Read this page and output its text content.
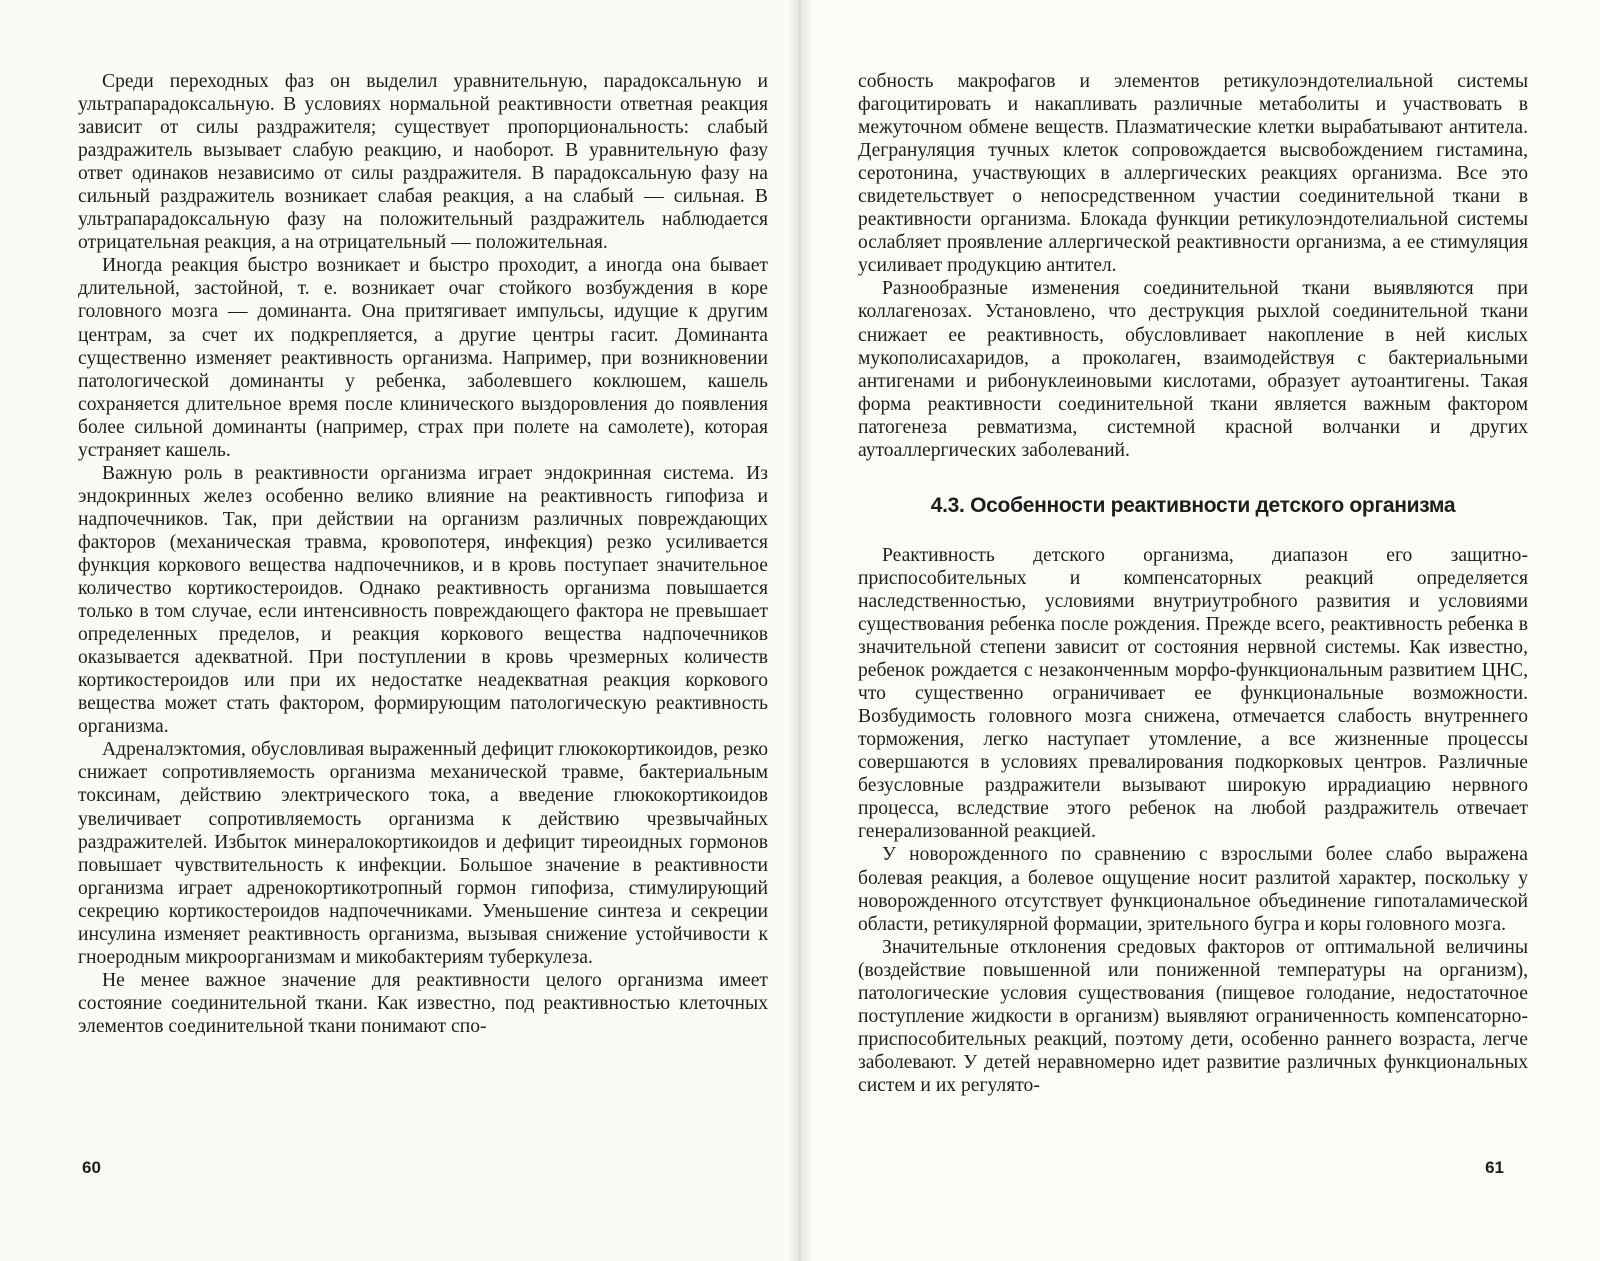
Среди переходных фаз он выделил уравнительную, парадоксальную и ультрапарадоксальную. В условиях нормальной реактивности ответная реакция зависит от силы раздражителя; существует пропорциональность: слабый раздражитель вызывает слабую реакцию, и наоборот. В уравнительную фазу ответ одинаков независимо от силы раздражителя. В парадоксальную фазу на сильный раздражитель возникает слабая реакция, а на слабый — сильная. В ультрапарадоксальную фазу на положительный раздражитель наблюдается отрицательная реакция, а на отрицательный — положительная.

Иногда реакция быстро возникает и быстро проходит, а иногда она бывает длительной, застойной, т. е. возникает очаг стойкого возбуждения в коре головного мозга — доминанта. Она притягивает импульсы, идущие к другим центрам, за счет их подкрепляется, а другие центры гасит. Доминанта существенно изменяет реактивность организма. Например, при возникновении патологической доминанты у ребенка, заболевшего коклюшем, кашель сохраняется длительное время после клинического выздоровления до появления более сильной доминанты (например, страх при полете на самолете), которая устраняет кашель.

Важную роль в реактивности организма играет эндокринная система. Из эндокринных желез особенно велико влияние на реактивность гипофиза и надпочечников. Так, при действии на организм различных повреждающих факторов (механическая травма, кровопотеря, инфекция) резко усиливается функция коркового вещества надпочечников, и в кровь поступает значительное количество кортикостероидов. Однако реактивность организма повышается только в том случае, если интенсивность повреждающего фактора не превышает определенных пределов, и реакция коркового вещества надпочечников оказывается адекватной. При поступлении в кровь чрезмерных количеств кортикостероидов или при их недостатке неадекватная реакция коркового вещества может стать фактором, формирующим патологическую реактивность организма.

Адреналэктомия, обусловливая выраженный дефицит глюкокортикоидов, резко снижает сопротивляемость организма механической травме, бактериальным токсинам, действию электрического тока, а введение глюкокортикоидов увеличивает сопротивляемость организма к действию чрезвычайных раздражителей. Избыток минералокортикоидов и дефицит тиреоидных гормонов повышает чувствительность к инфекции. Большое значение в реактивности организма играет адренокортикотропный гормон гипофиза, стимулирующий секрецию кортикостероидов надпочечниками. Уменьшение синтеза и секреции инсулина изменяет реактивность организма, вызывая снижение устойчивости к гноеродным микроорганизмам и микобактериям туберкулеза.

Не менее важное значение для реактивности целого организма имеет состояние соединительной ткани. Как известно, под реактивностью клеточных элементов соединительной ткани понимают спо-

60

собность макрофагов и элементов ретикулоэндотелиальной системы фагоцитировать и накапливать различные метаболиты и участвовать в межуточном обмене веществ. Плазматические клетки вырабатывают антитела. Дегрануляция тучных клеток сопровождается высвобождением гистамина, серотонина, участвующих в аллергических реакциях организма. Все это свидетельствует о непосредственном участии соединительной ткани в реактивности организма. Блокада функции ретикулоэндотелиальной системы ослабляет проявление аллергической реактивности организма, а ее стимуляция усиливает продукцию антител.

Разнообразные изменения соединительной ткани выявляются при коллагенозах. Установлено, что деструкция рыхлой соединительной ткани снижает ее реактивность, обусловливает накопление в ней кислых мукополисахаридов, а проколаген, взаимодействуя с бактериальными антигенами и рибонуклеиновыми кислотами, образует аутоантигены. Такая форма реактивности соединительной ткани является важным фактором патогенеза ревматизма, системной красной волчанки и других аутоаллергических заболеваний.

4.3. Особенности реактивности детского организма

Реактивность детского организма, диапазон его защитно-приспособительных и компенсаторных реакций определяется наследственностью, условиями внутриутробного развития и условиями существования ребенка после рождения. Прежде всего, реактивность ребенка в значительной степени зависит от состояния нервной системы. Как известно, ребенок рождается с незаконченным морфо-функциональным развитием ЦНС, что существенно ограничивает ее функциональные возможности. Возбудимость головного мозга снижена, отмечается слабость внутреннего торможения, легко наступает утомление, а все жизненные процессы совершаются в условиях превалирования подкорковых центров. Различные безусловные раздражители вызывают широкую иррадиацию нервного процесса, вследствие этого ребенок на любой раздражитель отвечает генерализованной реакцией.

У новорожденного по сравнению с взрослыми более слабо выражена болевая реакция, а болевое ощущение носит разлитой характер, поскольку у новорожденного отсутствует функциональное объединение гипоталамической области, ретикулярной формации, зрительного бугра и коры головного мозга.

Значительные отклонения средовых факторов от оптимальной величины (воздействие повышенной или пониженной температуры на организм), патологические условия существования (пищевое голодание, недостаточное поступление жидкости в организм) выявляют ограниченность компенсаторно-приспособительных реакций, поэтому дети, особенно раннего возраста, легче заболевают. У детей неравномерно идет развитие различных функциональных систем и их регулято-

61
